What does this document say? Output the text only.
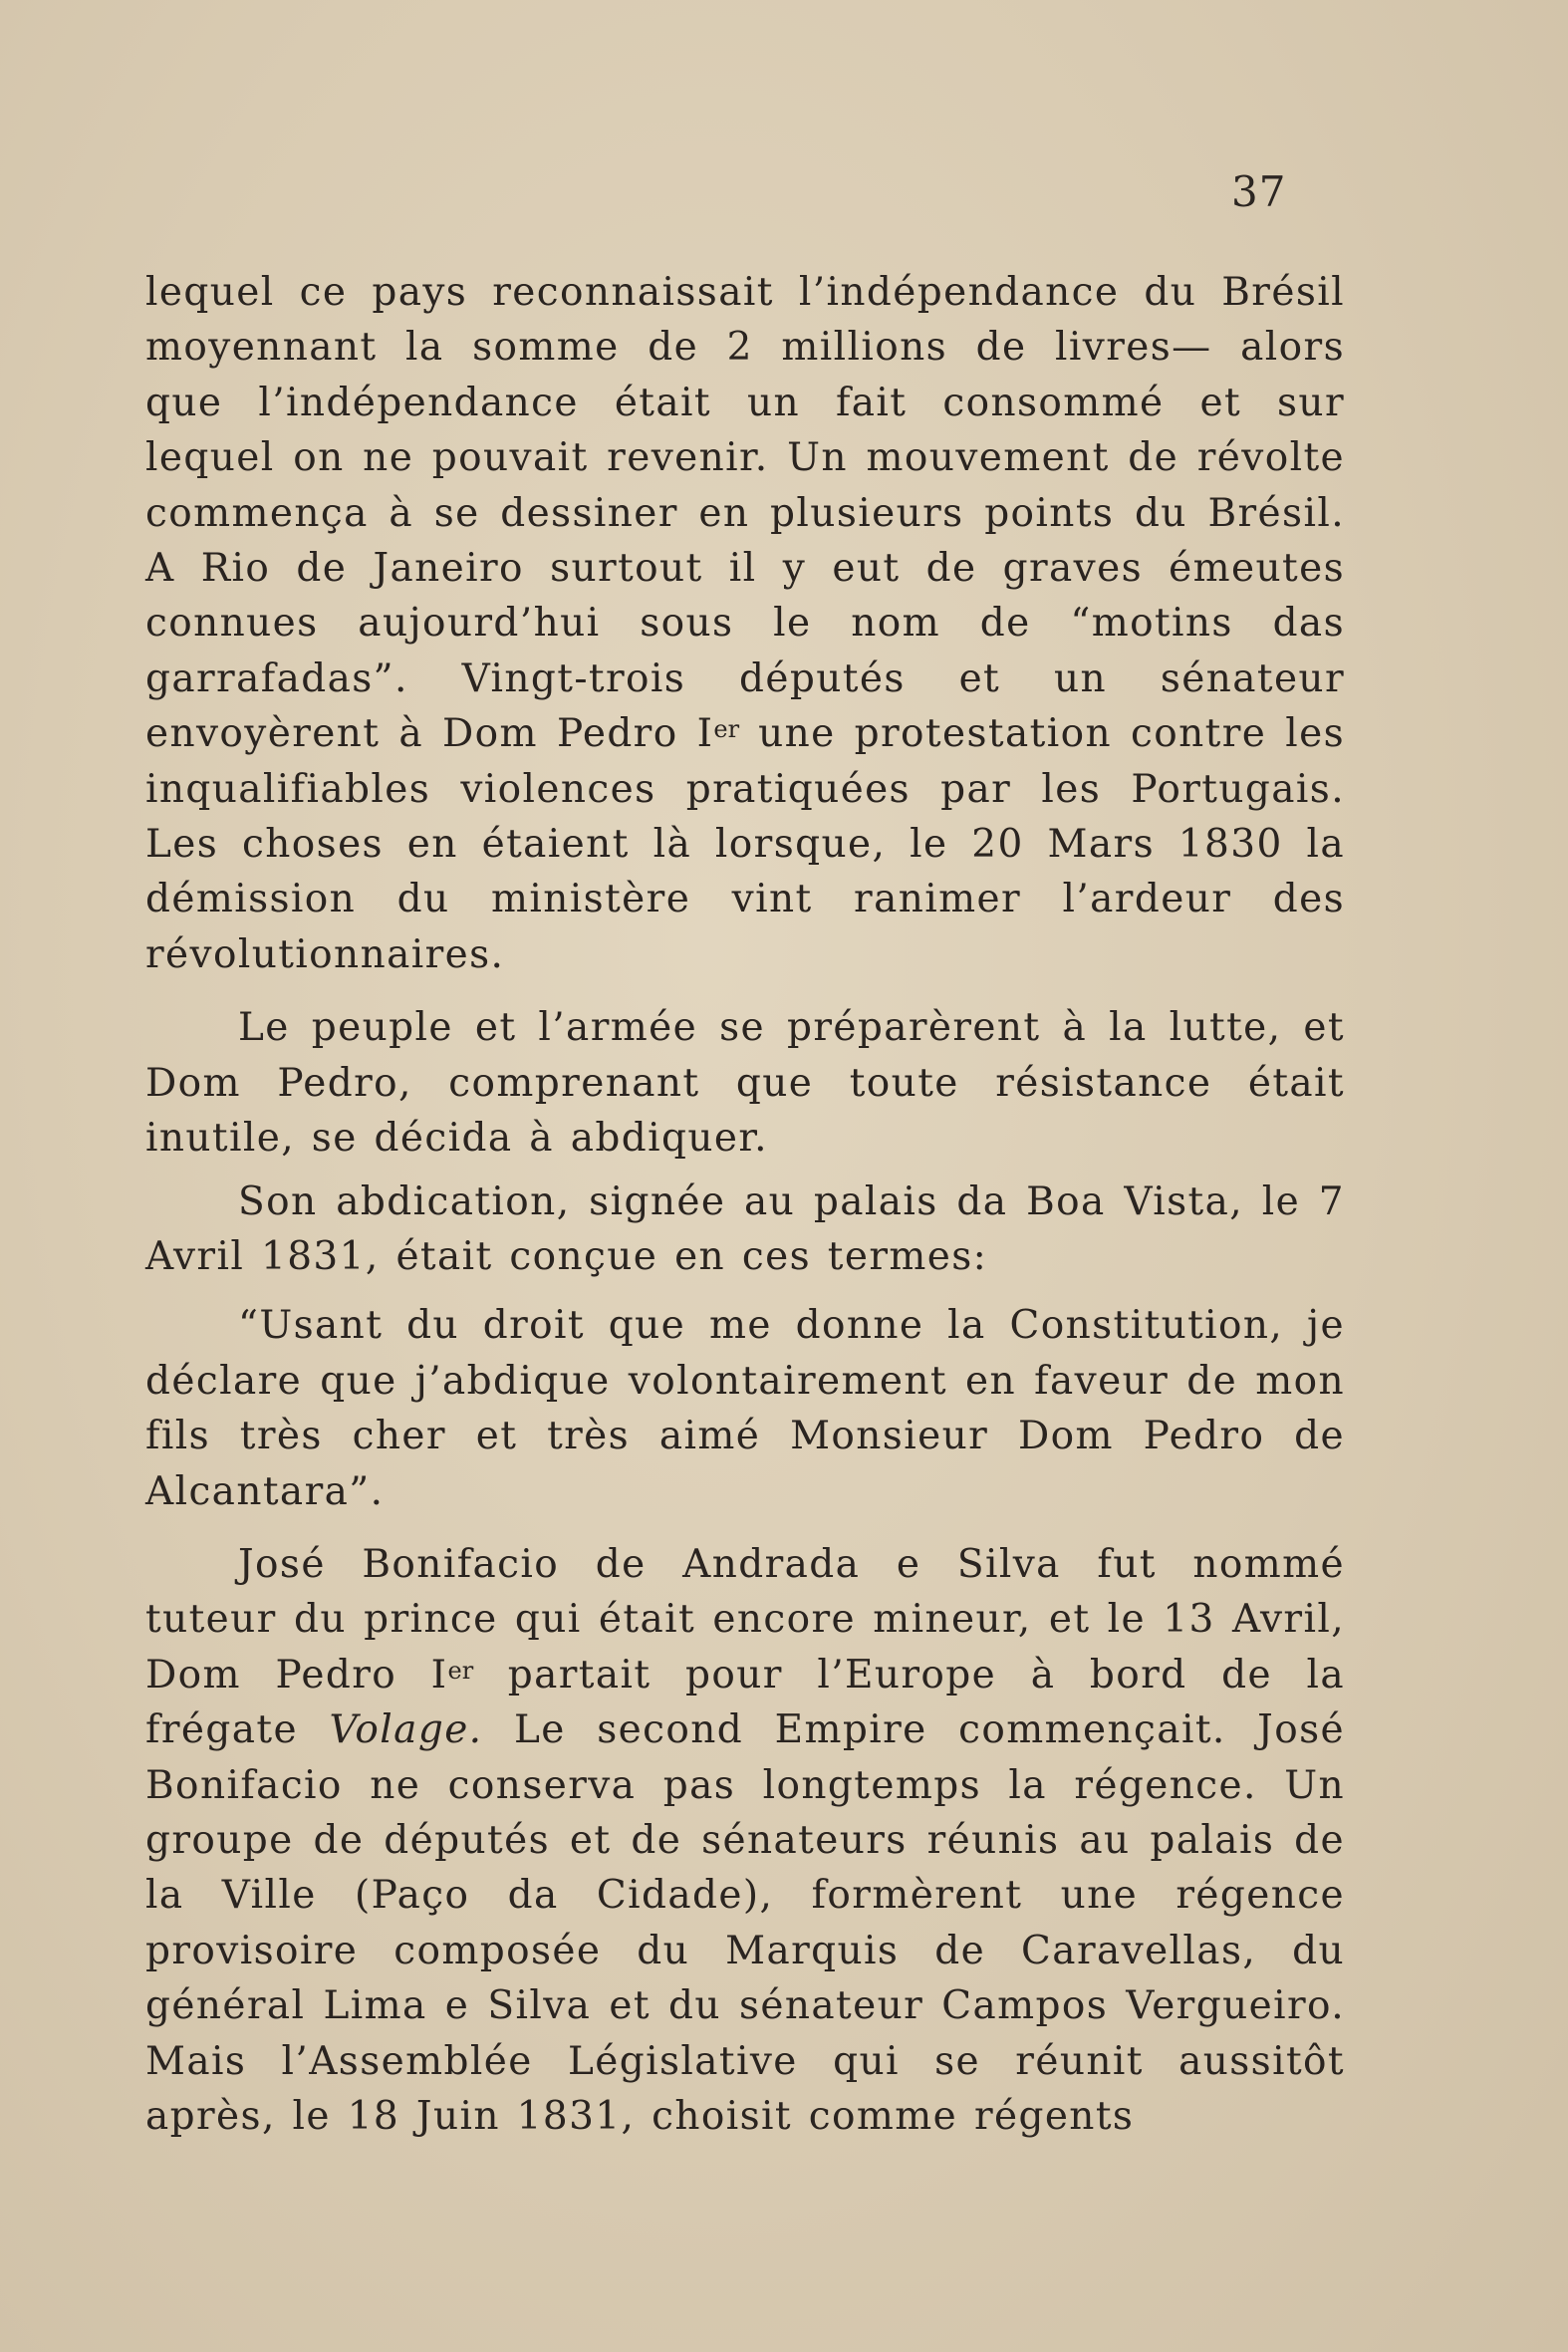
37

lequel ce pays reconnaissait l’indépendance du Brésil moyennant la somme de 2 millions de livres— alors que l’indépendance était un fait consommé et sur lequel on ne pouvait revenir. Un mouvement de révolte commença à se dessiner en plusieurs points du Brésil. A Rio de Janeiro surtout il y eut de graves émeutes connues aujourd’hui sous le nom de “motins das garrafadas”. Vingt-trois députés et un sénateur envoyèrent à Dom Pedro Ier une protestation contre les inqualifiables violences pratiquées par les Portugais. Les choses en étaient là lorsque, le 20 Mars 1830 la démission du ministère vint ranimer l’ardeur des révolutionnaires.

Le peuple et l’armée se préparèrent à la lutte, et Dom Pedro, comprenant que toute résistance était inutile, se décida à abdiquer.

Son abdication, signée au palais da Boa Vista, le 7 Avril 1831, était conçue en ces termes:

“Usant du droit que me donne la Constitution, je déclare que j’abdique volontairement en faveur de mon fils très cher et très aimé Monsieur Dom Pedro de Alcantara”.

José Bonifacio de Andrada e Silva fut nommé tuteur du prince qui était encore mineur, et le 13 Avril, Dom Pedro Ier partait pour l’Europe à bord de la frégate Volage. Le second Empire commençait. José Bonifacio ne conserva pas longtemps la régence. Un groupe de députés et de sénateurs réunis au palais de la Ville (Paço da Cidade), formèrent une régence provisoire composée du Marquis de Caravellas, du général Lima e Silva et du sénateur Campos Vergueiro. Mais l’Assemblée Législative qui se réunit aussitôt après, le 18 Juin 1831, choisit comme régents
